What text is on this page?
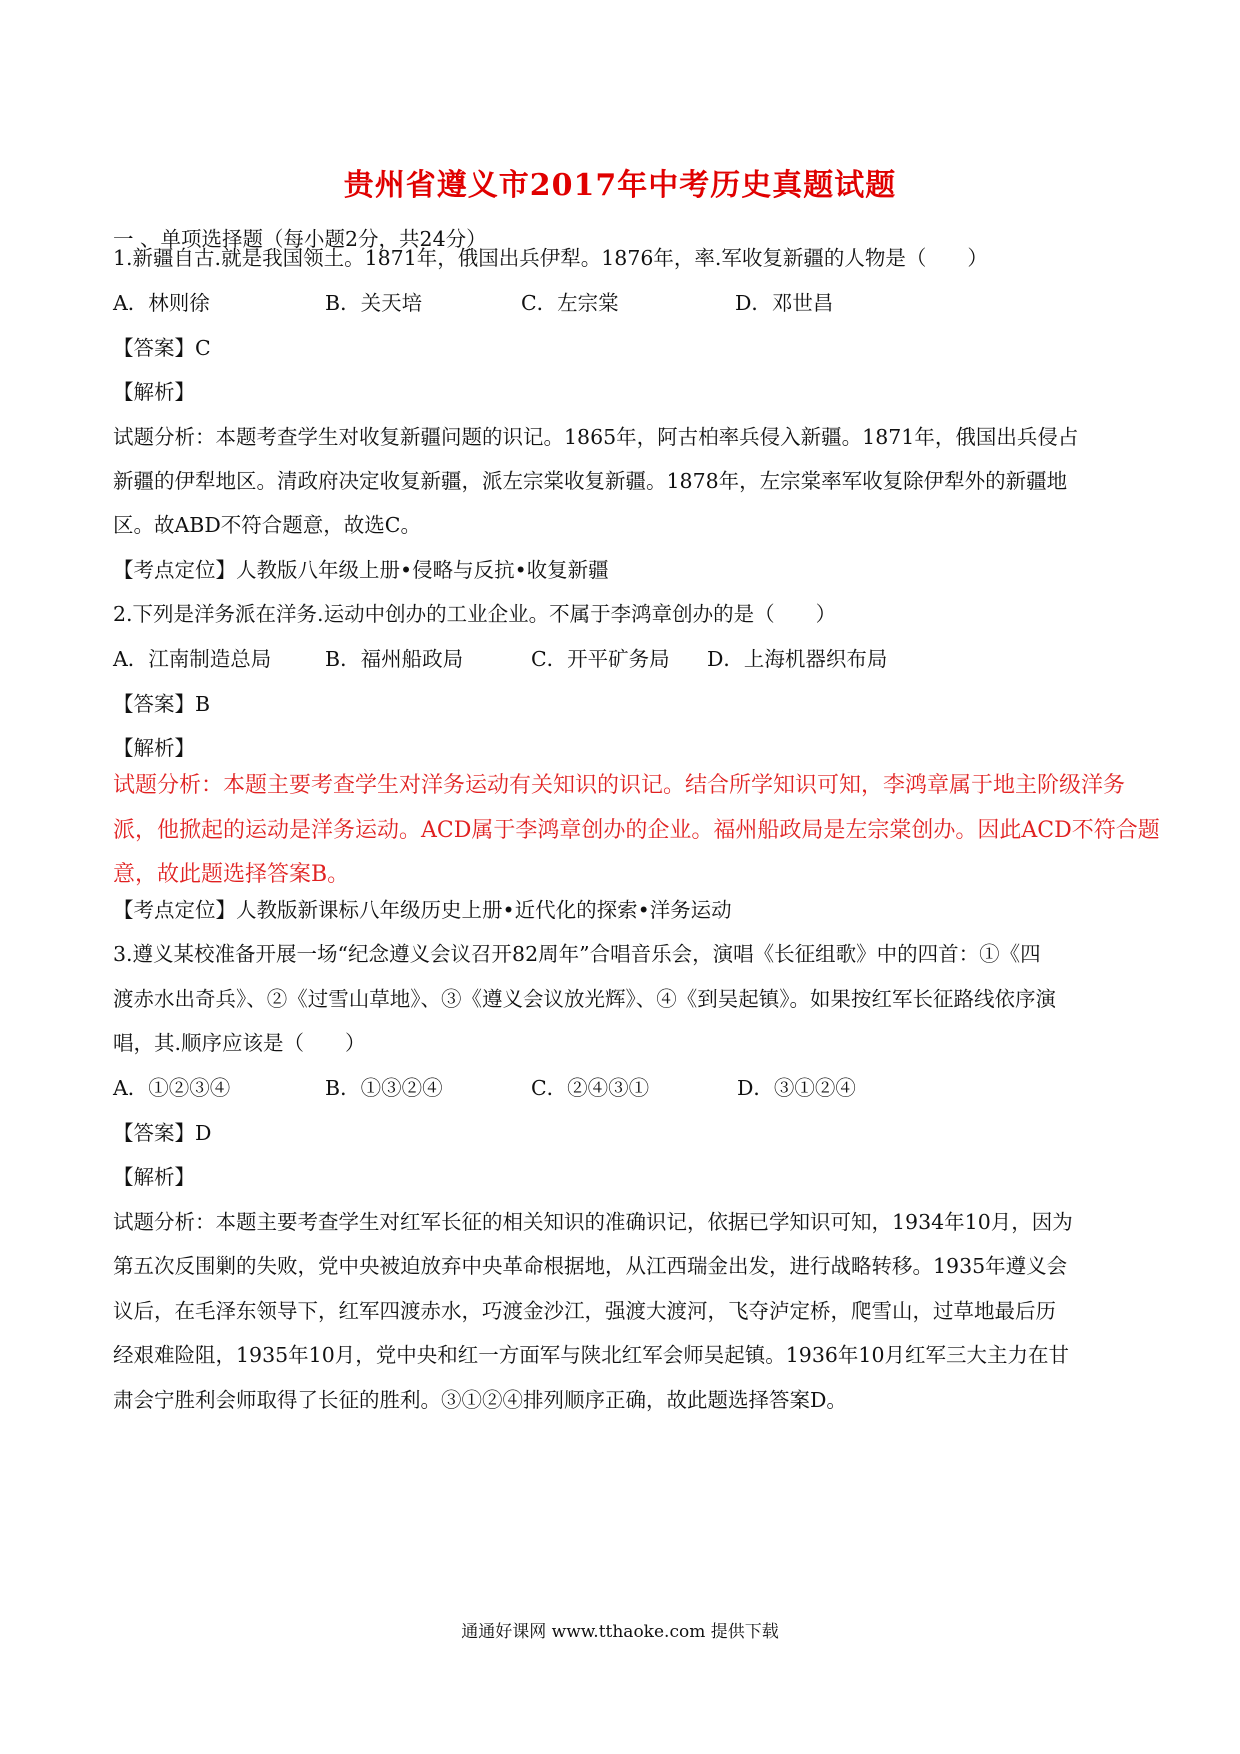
贵州省遵义市2017年中考历史真题试题
一 、单项选择题（每小题2分，共24分）
1.新疆自古.就是我国领土。1871年，俄国出兵伊犁。1876年，率.军收复新疆的人物是（　　）
A．林则徐	B．关天培	C．左宗棠	D．邓世昌
【答案】C
【解析】
试题分析：本题考查学生对收复新疆问题的识记。1865年，阿古柏率兵侵入新疆。1871年，俄国出兵侵占
新疆的伊犁地区。清政府决定收复新疆，派左宗棠收复新疆。1878年，左宗棠率军收复除伊犁外的新疆地
区。故ABD不符合题意，故选C。
【考点定位】人教版八年级上册•侵略与反抗•收复新疆
2.下列是洋务派在洋务.运动中创办的工业企业。不属于李鸿章创办的是（　　）
A．江南制造总局	B．福州船政局	C．开平矿务局 D．上海机器织布局
【答案】B
【解析】
试题分析：本题主要考查学生对洋务运动有关知识的识记。结合所学知识可知，李鸿章属于地主阶级洋务
派，他掀起的运动是洋务运动。ACD属于李鸿章创办的企业。福州船政局是左宗棠创办。因此ACD不符合题
意，故此题选择答案B。
【考点定位】人教版新课标八年级历史上册•近代化的探索•洋务运动
3.遵义某校准备开展一场“纪念遵义会议召开82周年”合唱音乐会，演唱《长征组歌》中的四首：①《四
渡赤水出奇兵》、②《过雪山草地》、③《遵义会议放光辉》、④《到吴起镇》。如果按红军长征路线依序演
唱，其.顺序应该是（　　）
A．①②③④	B．①③②④	C．②④③①	D．③①②④
【答案】D
【解析】
试题分析：本题主要考查学生对红军长征的相关知识的准确识记，依据已学知识可知，1934年10月，因为
第五次反围剿的失败，党中央被迫放弃中央革命根据地，从江西瑞金出发，进行战略转移。1935年遵义会
议后，在毛泽东领导下，红军四渡赤水，巧渡金沙江，强渡大渡河，飞夺泸定桥，爬雪山，过草地最后历
经艰难险阻，1935年10月，党中央和红一方面军与陕北红军会师吴起镇。1936年10月红军三大主力在甘
肃会宁胜利会师取得了长征的胜利。③①②④排列顺序正确，故此题选择答案D。
通通好课网 www.tthaoke.com 提供下载
